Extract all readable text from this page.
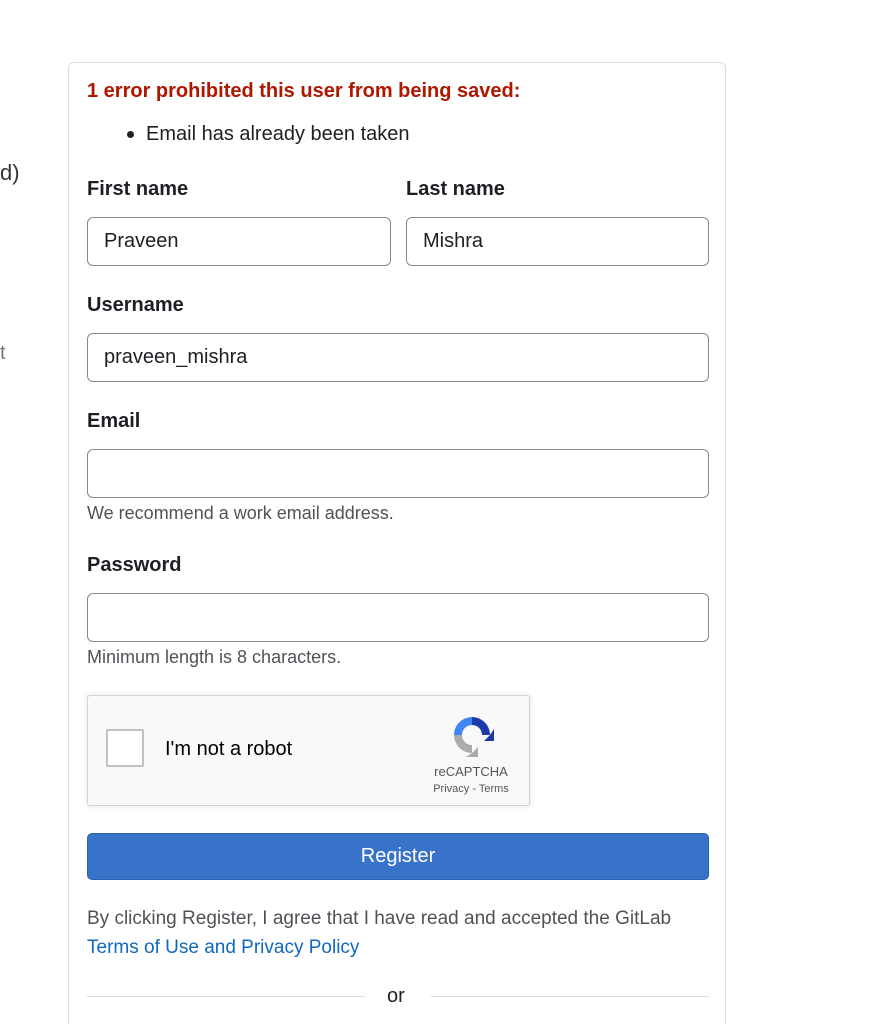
d)
t
1 error prohibited this user from being saved:
Email has already been taken
First name	Last name
Praveen	Mishra
Username
praveen_mishra
Email
We recommend a work email address.
Password
Minimum length is 8 characters.
I'm not a robot
reCAPTCHA
Privacy - Terms
Register
By clicking Register, I agree that I have read and accepted the GitLab
Terms of Use and Privacy Policy
or
